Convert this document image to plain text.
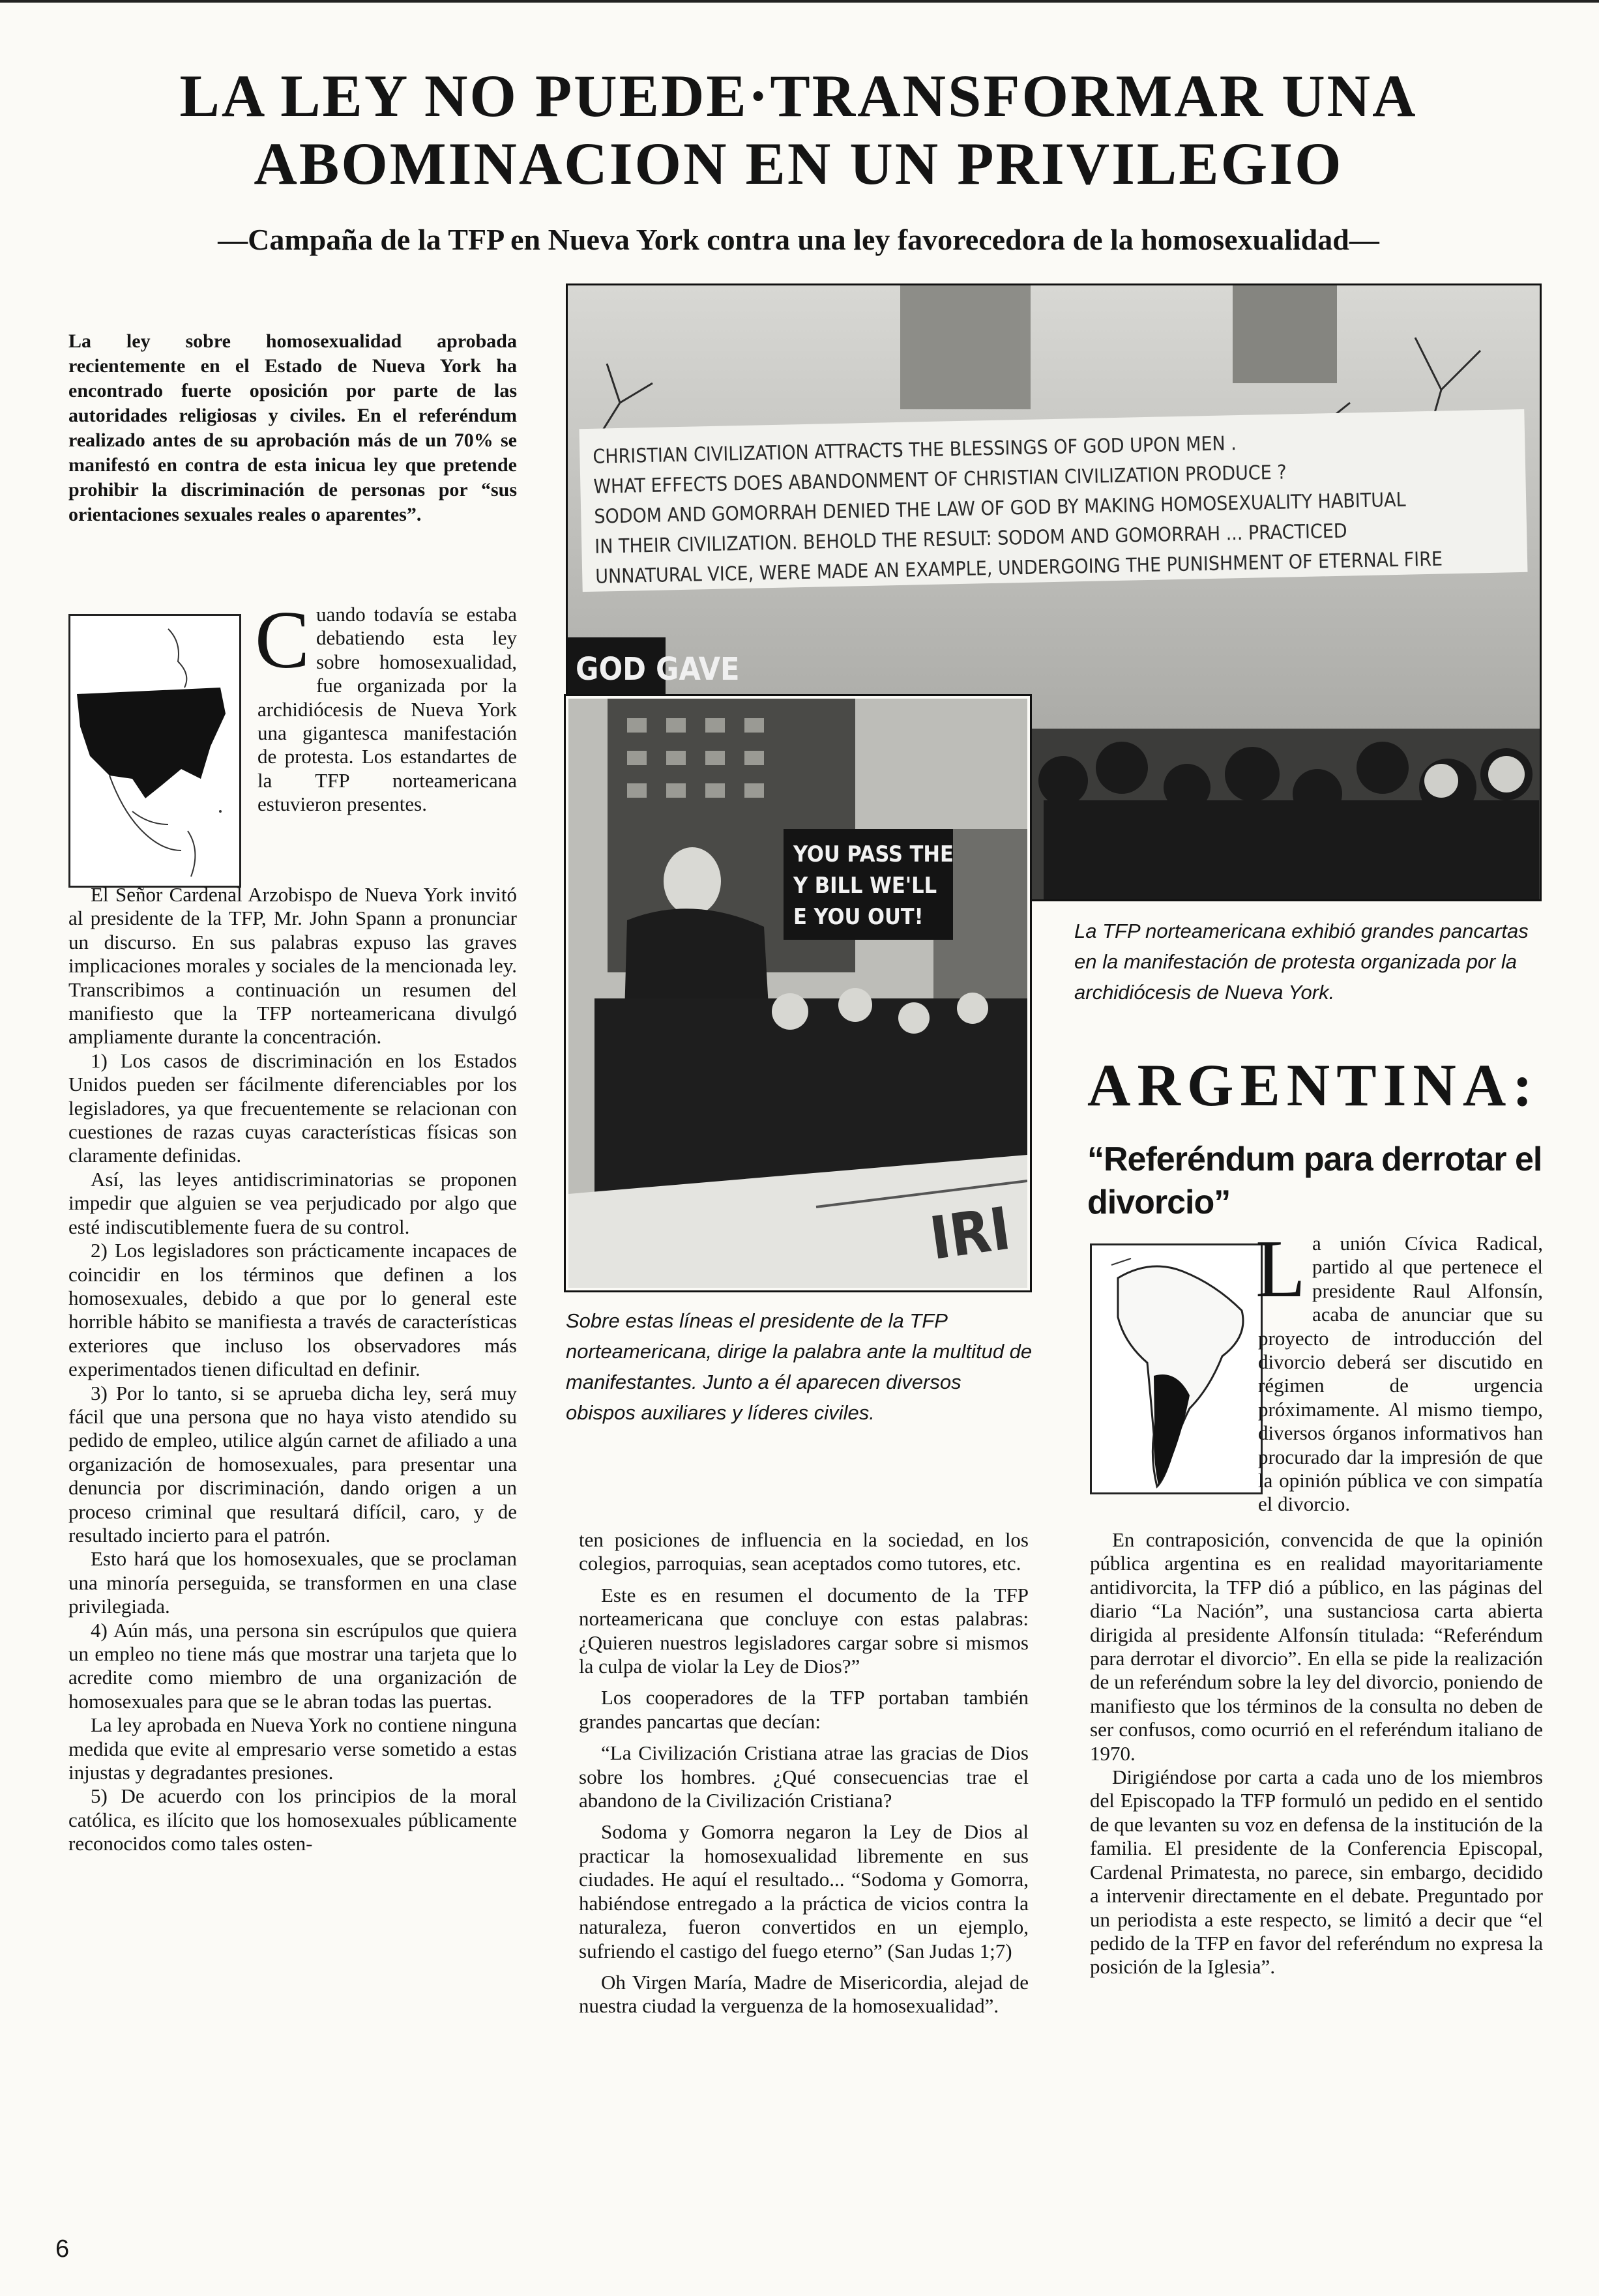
LA LEY NO PUEDE·TRANSFORMAR UNA
ABOMINACION EN UN PRIVILEGIO

—Campaña de la TFP en Nueva York contra una ley favorecedora de la homosexualidad—

La ley sobre homosexualidad aprobada recientemente en el Estado de Nueva York ha encontrado fuerte oposición por parte de las autoridades religiosas y civiles. En el referéndum realizado antes de su aprobación más de un 70% se manifestó en contra de esta inicua ley que pretende prohibir la discriminación de personas por “sus orientaciones sexuales reales o aparentes”.

Cuando todavía se estaba debatiendo esta ley sobre homosexualidad, fue organizada por la archidiócesis de Nueva York una gigantesca manifestación de protesta. Los estandartes de la TFP norteamericana estuvieron presentes.

El Señor Cardenal Arzobispo de Nueva York invitó al presidente de la TFP, Mr. John Spann a pronunciar un discurso. En sus palabras expuso las graves implicaciones morales y sociales de la mencionada ley. Transcribimos a continuación un resumen del manifiesto que la TFP norteamericana divulgó ampliamente durante la concentración.

1) Los casos de discriminación en los Estados Unidos pueden ser fácilmente diferenciables por los legisladores, ya que frecuentemente se relacionan con cuestiones de razas cuyas características físicas son claramente definidas.

Así, las leyes antidiscriminatorias se proponen impedir que alguien se vea perjudicado por algo que esté indiscutiblemente fuera de su control.

2) Los legisladores son prácticamente incapaces de coincidir en los términos que definen a los homosexuales, debido a que por lo general este horrible hábito se manifiesta a través de características exteriores que incluso los observadores más experimentados tienen dificultad en definir.

3) Por lo tanto, si se aprueba dicha ley, será muy fácil que una persona que no haya visto atendido su pedido de empleo, utilice algún carnet de afiliado a una organización de homosexuales, para presentar una denuncia por discriminación, dando origen a un proceso criminal que resultará difícil, caro, y de resultado incierto para el patrón.

Esto hará que los homosexuales, que se proclaman una minoría perseguida, se transformen en una clase privilegiada.

4) Aún más, una persona sin escrúpulos que quiera un empleo no tiene más que mostrar una tarjeta que lo acredite como miembro de una organización de homosexuales para que se le abran todas las puertas.

La ley aprobada en Nueva York no contiene ninguna medida que evite al empresario verse sometido a estas injustas y degradantes presiones.

5) De acuerdo con los principios de la moral católica, es ilícito que los homosexuales públicamente reconocidos como tales osten-

CHRISTIAN CIVILIZATION ATTRACTS THE BLESSINGS OF GOD UPON MEN .
WHAT EFFECTS DOES ABANDONMENT OF CHRISTIAN CIVILIZATION PRODUCE ?
SODOM AND GOMORRAH DENIED THE LAW OF GOD BY MAKING HOMOSEXUALITY HABITUAL
IN THEIR CIVILIZATION. BEHOLD THE RESULT: SODOM AND GOMORRAH ... PRACTICED
UNNATURAL VICE, WERE MADE AN EXAMPLE, UNDERGOING THE PUNISHMENT OF ETERNAL FIRE
GOD GAVE
YOU PASS THE
Y BILL WE'LL
E YOU OUT!
IRI

La TFP norteamericana exhibió grandes pancartas en la manifestación de protesta organizada por la archidiócesis de Nueva York.

Sobre estas líneas el presidente de la TFP norteamericana, dirige la palabra ante la multitud de manifestantes. Junto a él aparecen diversos obispos auxiliares y líderes civiles.

ten posiciones de influencia en la sociedad, en los colegios, parroquias, sean aceptados como tutores, etc.

Este es en resumen el documento de la TFP norteamericana que concluye con estas palabras: ¿Quieren nuestros legisladores cargar sobre si mismos la culpa de violar la Ley de Dios?”

Los cooperadores de la TFP portaban también grandes pancartas que decían:

“La Civilización Cristiana atrae las gracias de Dios sobre los hombres. ¿Qué consecuencias trae el abandono de la Civilización Cristiana?

Sodoma y Gomorra negaron la Ley de Dios al practicar la homosexualidad libremente en sus ciudades. He aquí el resultado... “Sodoma y Gomorra, habiéndose entregado a la práctica de vicios contra la naturaleza, fueron convertidos en un ejemplo, sufriendo el castigo del fuego eterno” (San Judas 1;7)

Oh Virgen María, Madre de Misericordia, alejad de nuestra ciudad la verguenza de la homosexualidad”.

ARGENTINA:
“Referéndum para derrotar el divorcio”

La unión Cívica Radical, partido al que pertenece el presidente Raul Alfonsín, acaba de anunciar que su proyecto de introducción del divorcio deberá ser discutido en régimen de urgencia próximamente. Al mismo tiempo, diversos órganos informativos han procurado dar la impresión de que la opinión pública ve con simpatía el divorcio.

En contraposición, convencida de que la opinión pública argentina es en realidad mayoritariamente antidivorcita, la TFP dió a público, en las páginas del diario “La Nación”, una sustanciosa carta abierta dirigida al presidente Alfonsín titulada: “Referéndum para derrotar el divorcio”. En ella se pide la realización de un referéndum sobre la ley del divorcio, poniendo de manifiesto que los términos de la consulta no deben de ser confusos, como ocurrió en el referéndum italiano de 1970.

Dirigiéndose por carta a cada uno de los miembros del Episcopado la TFP formuló un pedido en el sentido de que levanten su voz en defensa de la institución de la familia. El presidente de la Conferencia Episcopal, Cardenal Primatesta, no parece, sin embargo, decidido a intervenir directamente en el debate. Preguntado por un periodista a este respecto, se limitó a decir que “el pedido de la TFP en favor del referéndum no expresa la posición de la Iglesia”.

6
